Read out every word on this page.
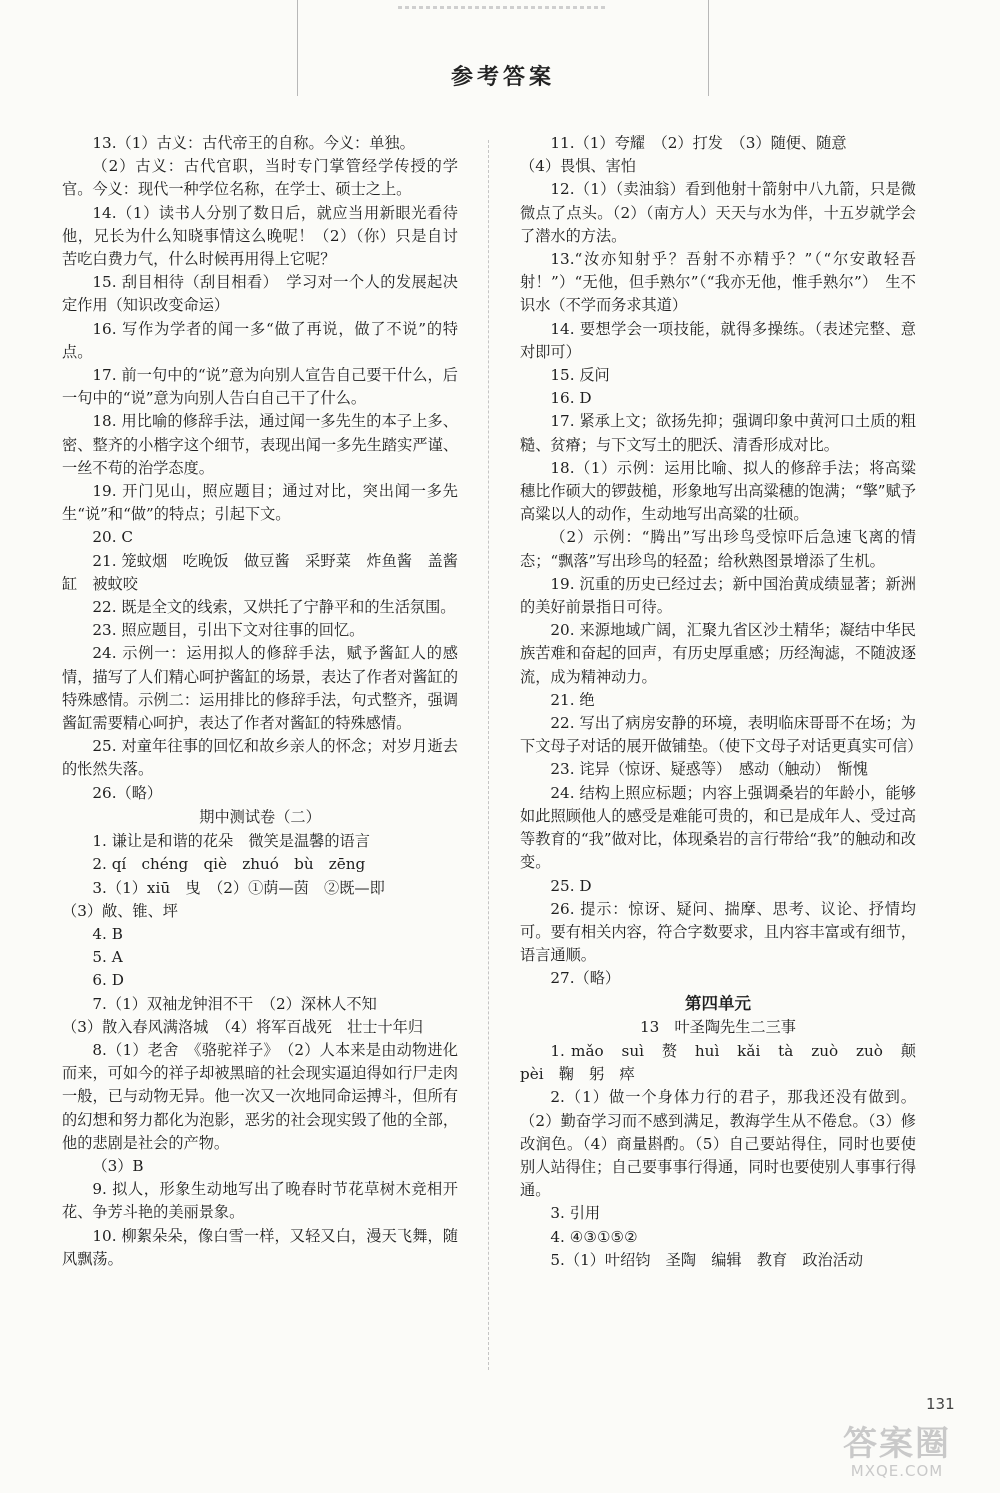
参考答案

13.（1）古义：古代帝王的自称。今义：单独。

（2）古义：古代官职，当时专门掌管经学传授的学官。今义：现代一种学位名称，在学士、硕士之上。

14.（1）读书人分别了数日后，就应当用新眼光看待他，兄长为什么知晓事情这么晚呢！（2）（你）只是自讨苦吃白费力气，什么时候再用得上它呢？

15. 刮目相待（刮目相看）　学习对一个人的发展起决定作用（知识改变命运）

16. 写作为学者的闻一多“做了再说，做了不说”的特点。

17. 前一句中的“说”意为向别人宣告自己要干什么，后一句中的“说”意为向别人告白自己干了什么。

18. 用比喻的修辞手法，通过闻一多先生的本子上多、密、整齐的小楷字这个细节，表现出闻一多先生踏实严谨、一丝不苟的治学态度。

19. 开门见山，照应题目；通过对比，突出闻一多先生“说”和“做”的特点；引起下文。

20. C

21. 笼蚊烟　吃晚饭　做豆酱　采野菜　炸鱼酱　盖酱缸　被蚊咬

22. 既是全文的线索，又烘托了宁静平和的生活氛围。

23. 照应题目，引出下文对往事的回忆。

24. 示例一：运用拟人的修辞手法，赋予酱缸人的感情，描写了人们精心呵护酱缸的场景，表达了作者对酱缸的特殊感情。示例二：运用排比的修辞手法，句式整齐，强调酱缸需要精心呵护，表达了作者对酱缸的特殊感情。

25. 对童年往事的回忆和故乡亲人的怀念；对岁月逝去的怅然失落。

26.（略）

期中测试卷（二）

1. 谦让是和谐的花朵　微笑是温馨的语言

2. qí　chéng　qiè　zhuó　bù　zēng

3.（1）xiū　曳　（2）①荫—茵　②既—即

（3）敞、锥、坪

4. B

5. A

6. D

7.（1）双袖龙钟泪不干　（2）深林人不知

（3）散入春风满洛城　（4）将军百战死　壮士十年归

8.（1）老舍　《骆驼祥子》　（2）人本来是由动物进化而来，可如今的祥子却被黑暗的社会现实逼迫得如行尸走肉一般，已与动物无异。他一次又一次地同命运搏斗，但所有的幻想和努力都化为泡影，恶劣的社会现实毁了他的全部，他的悲剧是社会的产物。

（3）B

9. 拟人，形象生动地写出了晚春时节花草树木竞相开花、争芳斗艳的美丽景象。

10. 柳絮朵朵，像白雪一样，又轻又白，漫天飞舞，随风飘荡。

11.（1）夸耀　（2）打发　（3）随便、随意

（4）畏惧、害怕

12.（1）（卖油翁）看到他射十箭射中八九箭，只是微微点了点头。（2）（南方人）天天与水为伴，十五岁就学会了潜水的方法。

13.“汝亦知射乎？吾射不亦精乎？”（“尔安敢轻吾射！”）“无他，但手熟尔”（“我亦无他，惟手熟尔”）　生不识水（不学而务求其道）

14. 要想学会一项技能，就得多操练。（表述完整、意对即可）

15. 反问

16. D

17. 紧承上文；欲扬先抑；强调印象中黄河口土质的粗糙、贫瘠；与下文写土的肥沃、清香形成对比。

18.（1）示例：运用比喻、拟人的修辞手法；将高粱穗比作硕大的锣鼓槌，形象地写出高粱穗的饱满；“擎”赋予高粱以人的动作，生动地写出高粱的壮硕。

（2）示例：“腾出”写出珍鸟受惊吓后急速飞离的情态；“飘落”写出珍鸟的轻盈；给秋熟图景增添了生机。

19. 沉重的历史已经过去；新中国治黄成绩显著；新洲的美好前景指日可待。

20. 来源地域广阔，汇聚九省区沙土精华；凝结中华民族苦难和奋起的回声，有历史厚重感；历经淘滤，不随波逐流，成为精神动力。

21. 绝

22. 写出了病房安静的环境，表明临床哥哥不在场；为下文母子对话的展开做铺垫。（使下文母子对话更真实可信）

23. 诧异（惊讶、疑惑等）　感动（触动）　惭愧

24. 结构上照应标题；内容上强调桑岩的年龄小，能够如此照顾他人的感受是难能可贵的，和已是成年人、受过高等教育的“我”做对比，体现桑岩的言行带给“我”的触动和改变。

25. D

26. 提示：惊讶、疑问、揣摩、思考、议论、抒情均可。要有相关内容，符合字数要求，且内容丰富或有细节，语言通顺。

27.（略）

第四单元

13　叶圣陶先生二三事

1. mǎo　suì　赘　huì　kǎi　tà　zuò　zuò　颠　pèi　鞠　躬　瘁

2.（1）做一个身体力行的君子，那我还没有做到。（2）勤奋学习而不感到满足，教海学生从不倦怠。（3）修改润色。（4）商量斟酌。（5）自己要站得住，同时也要使别人站得住；自己要事事行得通，同时也要使别人事事行得通。

3. 引用

4. ④③①⑤②

5.（1）叶绍钧　圣陶　编辑　教育　政治活动

131
答案圈
MXQE.COM
